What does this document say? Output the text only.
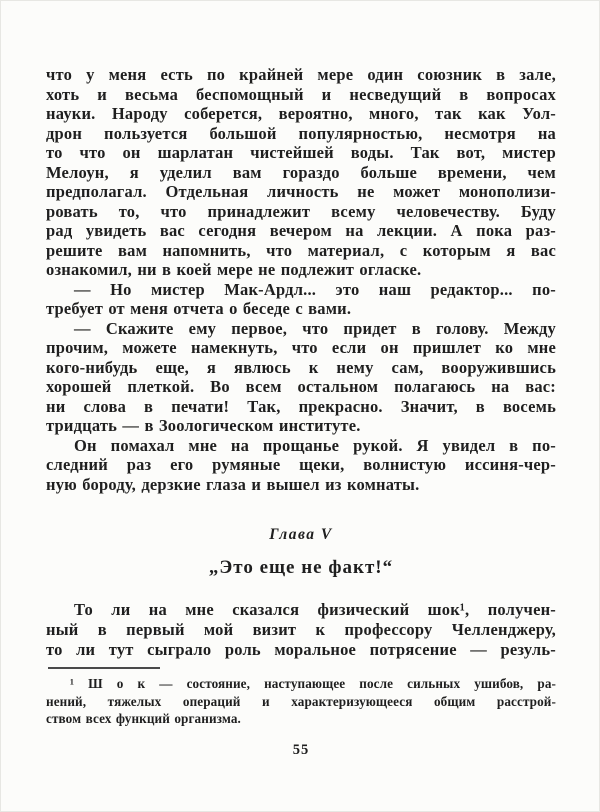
что у меня есть по крайней мере один союзник в зале,
хоть и весьма беспомощный и несведущий в вопросах
науки. Народу соберется, вероятно, много, так как Уол-
дрон пользуется большой популярностью, несмотря на
то что он шарлатан чистейшей воды. Так вот, мистер
Мелоун, я уделил вам гораздо больше времени, чем
предполагал. Отдельная личность не может монополизи-
ровать то, что принадлежит всему человечеству. Буду
рад увидеть вас сегодня вечером на лекции. А пока раз-
решите вам напомнить, что материал, с которым я вас
ознакомил, ни в коей мере не подлежит огласке.

— Но мистер Мак-Ардл... это наш редактор... по-
требует от меня отчета о беседе с вами.

— Скажите ему первое, что придет в голову. Между
прочим, можете намекнуть, что если он пришлет ко мне
кого-нибудь еще, я явлюсь к нему сам, вооружившись
хорошей плеткой. Во всем остальном полагаюсь на вас:
ни слова в печати! Так, прекрасно. Значит, в восемь
тридцать — в Зоологическом институте.

Он помахал мне на прощанье рукой. Я увидел в по-
следний раз его румяные щеки, волнистую иссиня-чер-
ную бороду, дерзкие глаза и вышел из комнаты.

Глава V
„Это еще не факт!“

То ли на мне сказался физический шок¹, получен-
ный в первый мой визит к профессору Челленджеру,
то ли тут сыграло роль моральное потрясение — резуль-

¹ Ш о к — состояние, наступающее после сильных ушибов, ра-
нений, тяжелых операций и характеризующееся общим расстрой-
ством всех функций организма.

55
